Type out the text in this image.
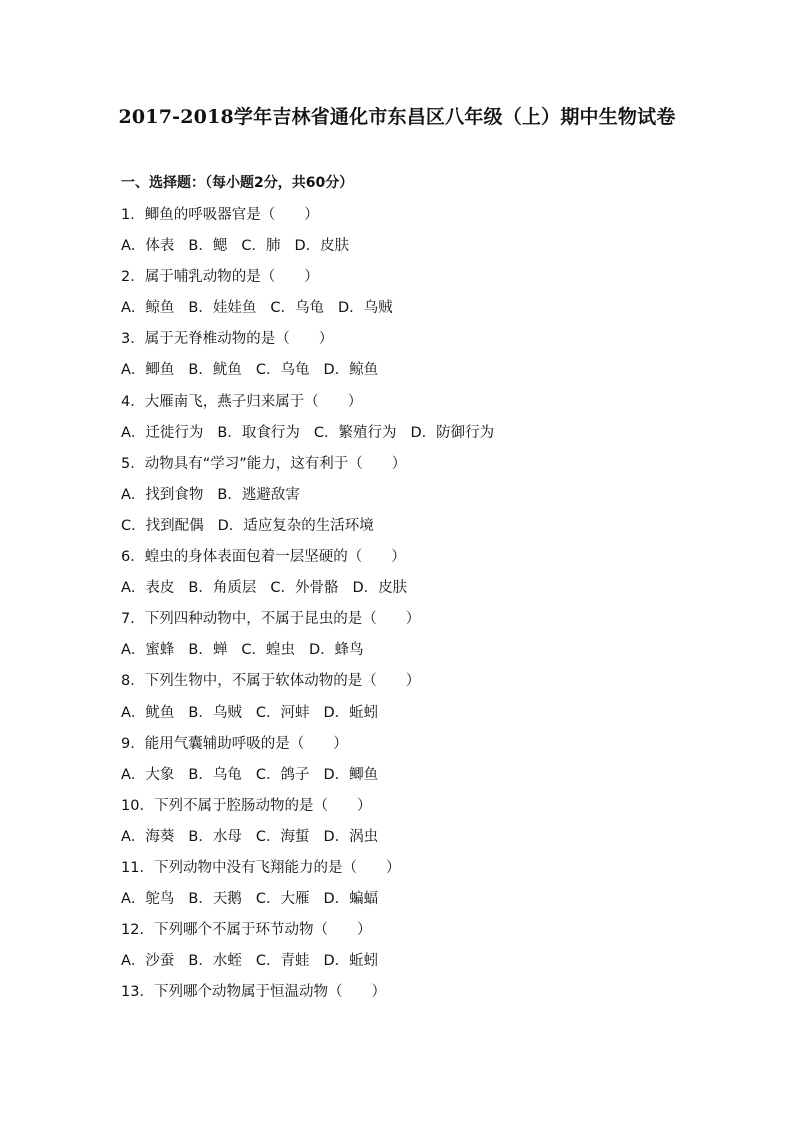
2017-2018学年吉林省通化市东昌区八年级（上）期中生物试卷
一、选择题：（每小题2分，共60分）
1．鲫鱼的呼吸器官是（　　）
A．体表 B．鳃 C．肺 D．皮肤
2．属于哺乳动物的是（　　）
A．鲸鱼 B．娃娃鱼 C．乌龟 D．乌贼
3．属于无脊椎动物的是（　　）
A．鲫鱼 B．鱿鱼 C．乌龟 D．鲸鱼
4．大雁南飞，燕子归来属于（　　）
A．迁徙行为 B．取食行为 C．繁殖行为 D．防御行为
5．动物具有“学习”能力，这有利于（　　）
A．找到食物 B．逃避敌害
C．找到配偶 D．适应复杂的生活环境
6．蝗虫的身体表面包着一层坚硬的（　　）
A．表皮 B．角质层 C．外骨骼 D．皮肤
7．下列四种动物中，不属于昆虫的是（　　）
A．蜜蜂 B．蝉 C．蝗虫 D．蜂鸟
8．下列生物中，不属于软体动物的是（　　）
A．鱿鱼 B．乌贼 C．河蚌 D．蚯蚓
9．能用气囊辅助呼吸的是（　　）
A．大象 B．乌龟 C．鸽子 D．鲫鱼
10．下列不属于腔肠动物的是（　　）
A．海葵 B．水母 C．海蜇 D．涡虫
11．下列动物中没有飞翔能力的是（　　）
A．鸵鸟 B．天鹅 C．大雁 D．蝙蝠
12．下列哪个不属于环节动物（　　）
A．沙蚕 B．水蛭 C．青蛙 D．蚯蚓
13．下列哪个动物属于恒温动物（　　）
